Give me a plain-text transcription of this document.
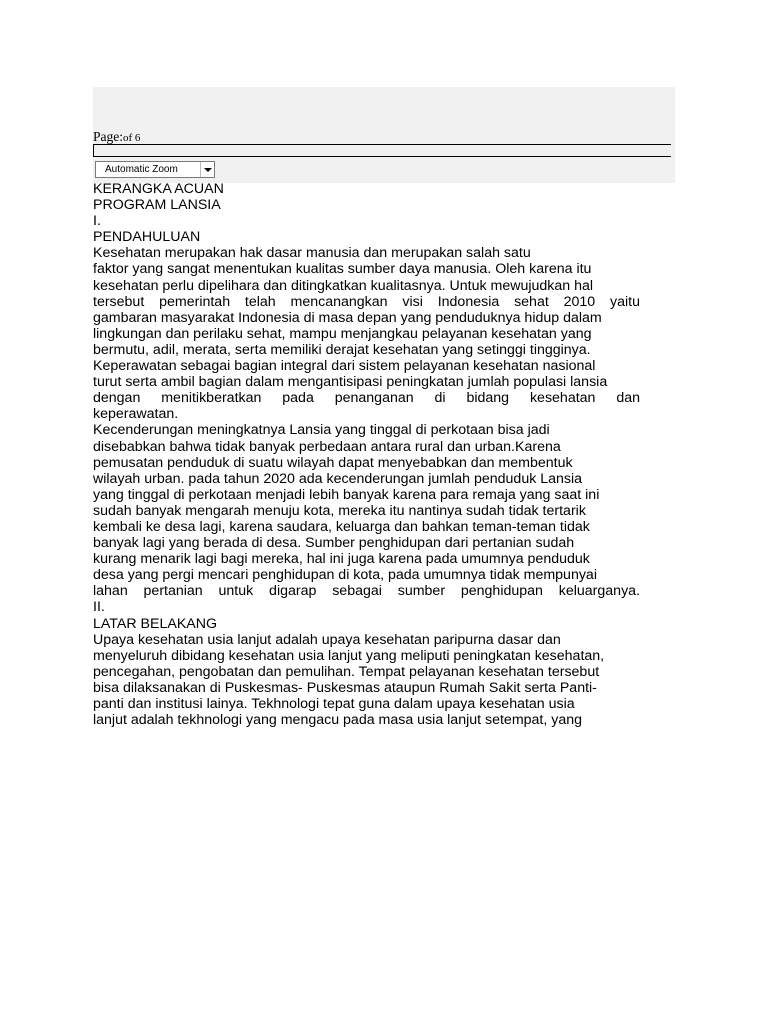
Page:of 6
Automatic Zoom
KERANGKA ACUAN
PROGRAM LANSIA
I.
PENDAHULUAN
Kesehatan merupakan hak dasar manusia dan merupakan salah satu
faktor yang sangat menentukan kualitas sumber daya manusia. Oleh karena itu
kesehatan perlu dipelihara dan ditingkatkan kualitasnya. Untuk mewujudkan hal
tersebut pemerintah telah mencanangkan visi Indonesia sehat 2010 yaitu
gambaran masyarakat Indonesia di masa depan yang penduduknya hidup dalam
lingkungan dan perilaku sehat, mampu menjangkau pelayanan kesehatan yang
bermutu, adil, merata, serta memiliki derajat kesehatan yang setinggi tingginya.
Keperawatan sebagai bagian integral dari sistem pelayanan kesehatan nasional
turut serta ambil bagian dalam mengantisipasi peningkatan jumlah populasi lansia
dengan menitikberatkan pada penanganan di bidang kesehatan dan
keperawatan.
Kecenderungan meningkatnya Lansia yang tinggal di perkotaan bisa jadi
disebabkan bahwa tidak banyak perbedaan antara rural dan urban.Karena
pemusatan penduduk di suatu wilayah dapat menyebabkan dan membentuk
wilayah urban. pada tahun 2020 ada kecenderungan jumlah penduduk Lansia
yang tinggal di perkotaan menjadi lebih banyak karena para remaja yang saat ini
sudah banyak mengarah menuju kota, mereka itu nantinya sudah tidak tertarik
kembali ke desa lagi, karena saudara, keluarga dan bahkan teman-teman tidak
banyak lagi yang berada di desa. Sumber penghidupan dari pertanian sudah
kurang menarik lagi bagi mereka, hal ini juga karena pada umumnya penduduk
desa yang pergi mencari penghidupan di kota, pada umumnya tidak mempunyai
lahan pertanian untuk digarap sebagai sumber penghidupan keluarganya.
II.
LATAR BELAKANG
Upaya kesehatan usia lanjut adalah upaya kesehatan paripurna dasar dan
menyeluruh dibidang kesehatan usia lanjut yang meliputi peningkatan kesehatan,
pencegahan, pengobatan dan pemulihan. Tempat pelayanan kesehatan tersebut
bisa dilaksanakan di Puskesmas- Puskesmas ataupun Rumah Sakit serta Panti-
panti dan institusi lainya. Tekhnologi tepat guna dalam upaya kesehatan usia
lanjut adalah tekhnologi yang mengacu pada masa usia lanjut setempat, yang
